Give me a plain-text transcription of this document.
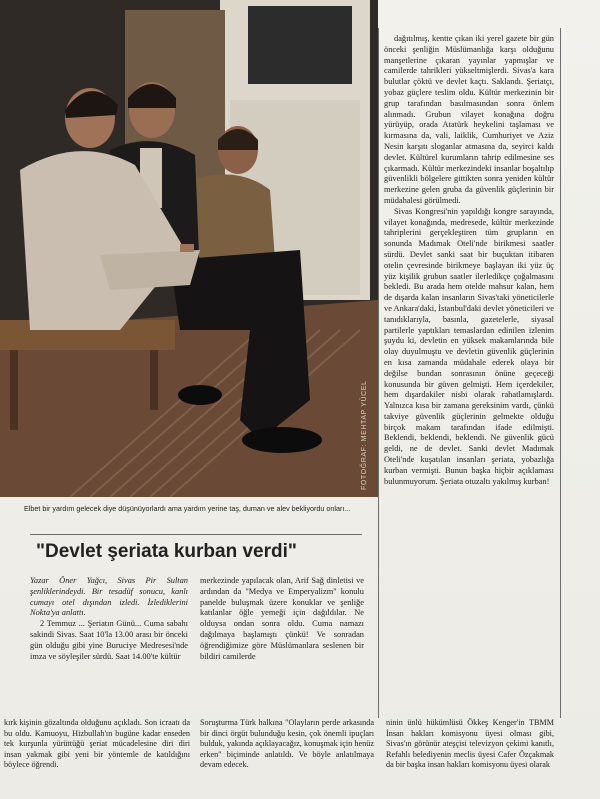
FOTOĞRAF: MEHTAP YÜCEL
Elbet bir yardım gelecek diye düşünüyorlardı ama yardım yerine taş, duman ve alev bekliyordu onları...

dağıtılmış, kentte çıkan iki yerel gazete bir gün önceki şenliğin Müslümanlığa karşı olduğunu manşetlerine çıkaran yayınlar yapmışlar ve camilerde tahrikleri yükseltmişlerdi. Sivas'a kara bulutlar çöktü ve devlet kaçtı. Saklandı. Şeriatçı, yobaz güçlere teslim oldu. Kültür merkezinin bir grup tarafından basılmasından sonra önlem alınmadı. Grubun vilayet konağına doğru yürüyüp, orada Atatürk heykelini taşlaması ve kırmasına da, vali, laiklik, Cumhuriyet ve Aziz Nesin karşıtı sloganlar atmasına da, seyirci kaldı devlet. Kültürel kurumların tahrip edilmesine ses çıkarmadı. Kültür merkezindeki insanlar boşaltılıp güvenlikli bölgelere gittikten sonra yeniden kültür merkezine gelen gruba da güvenlik güçlerinin bir müdahalesi görülmedi.

Sivas Kongresi'nin yapıldığı kongre sarayında, vilayet konağında, medresede, kültür merkezinde tahriplerini gerçekleştiren tüm grupların en sonunda Madımak Oteli'nde birikmesi saatler sürdü. Devlet sanki saat bir buçuktan itibaren otelin çevresinde birikmeye başlayan iki yüz üç yüz kişilik grubun saatler ilerledikçe çoğalmasını bekledi. Bu arada hem otelde mahsur kalan, hem de dışarda kalan insanların Sivas'taki yöneticilerle ve Ankara'daki, İstanbul'daki devlet yöneticileri ve tanıdıklarıyla, basınla, gazetelerle, siyasal partilerle yaptıkları temaslardan edinilen izlenim şuydu ki, devletin en yüksek makamlarında bile olay duyulmuştu ve devletin güvenlik güçlerinin en kısa zamanda müdahale ederek olaya bir değilse bundan sonrasının önüne geçeceği konusunda bir güven gelmişti. Hem içerdekiler, hem dışardakiler nisbi olarak rahatlamışlardı. Yalnızca kısa bir zamana gereksinim vardı, çünkü takviye güvenlik güçlerinin gelmekte olduğu birçok makam tarafından ifade edilmişti. Beklendi, beklendi, beklendi. Ne güvenlik gücü geldi, ne de devlet. Sanki devlet Madımak Oteli'nde kuşatılan insanları şeriata, yobazlığa kurban vermişti. Bunun başka hiçbir açıklaması bulunmuyorum. Şeriata otuzaltı yakılmış kurban!

"Devlet şeriata kurban verdi"

Yazar Öner Yağcı, Sivas Pir Sultan şenliklerindeydi. Bir tesadüf sonucu, kanlı cumayı otel dışından izledi. İzlediklerini Nokta'ya anlattı.

2 Temmuz ... Şeriatın Günü... Cuma sabahı sakindi Sivas. Saat 10'la 13.00 arası bir önceki gün olduğu gibi yine Buruciye Medresesi'nde imza ve söyleşiler sürdü. Saat 14.00'te kültür

merkezinde yapılacak olan, Arif Sağ dinletisi ve ardından da "Medya ve Emperyalizm" konulu panelde buluşmak üzere konuklar ve şenliğe katılanlar öğle yemeği için dağıldılar. Ne olduysa ondan sonra oldu. Cuma namazı dağılmaya başlamıştı çünkü! Ve sonradan öğrendiğimize göre Müslümanlara seslenen bir bildiri camilerde

kırk kişinin gözaltında olduğunu açıkladı. Son icraatı da bu oldu. Kamuoyu, Hizbullah'ın bugüne kadar enseden tek kurşunla yürüttüğü şeriat mücadelesine diri diri insan yakmak gibi yeni bir yöntemle de katıldığını böylece öğrendi.
Soruşturma Türk halkına "Olayların perde arkasında bir dinci örgüt bulunduğu kesin, çok önemli ipuçları bulduk, yakında açıklayacağız, konuşmak için henüz erken" biçiminde anlatıldı. Ve böyle anlatılmaya devam edecek.
ninin ünlü hükümlüsü Ökkeş Kenger'in TBMM İnsan hakları komisyonu üyesi olması gibi, Sivas'ın görünür ateşçisi televizyon çekimi kanıtlı, Refahlı belediyenin meclis üyesi Cafer Özçakmak da bir başka insan hakları komisyonu üyesi olarak
